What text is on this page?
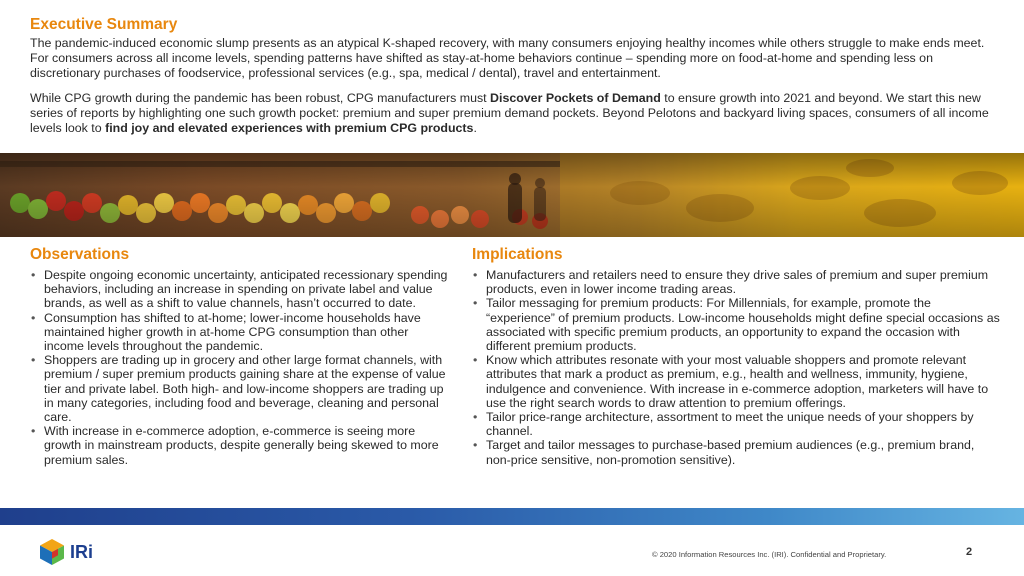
Executive Summary

The pandemic-induced economic slump presents as an atypical K-shaped recovery, with many consumers enjoying healthy incomes while others struggle to make ends meet. For consumers across all income levels, spending patterns have shifted as stay-at-home behaviors continue – spending more on food-at-home and spending less on discretionary purchases of foodservice, professional services (e.g., spa, medical / dental), travel and entertainment.

While CPG growth during the pandemic has been robust, CPG manufacturers must Discover Pockets of Demand to ensure growth into 2021 and beyond. We start this new series of reports by highlighting one such growth pocket: premium and super premium demand pockets. Beyond Pelotons and backyard living spaces, consumers of all income levels look to find joy and elevated experiences with premium CPG products.

Observations
• Despite ongoing economic uncertainty, anticipated recessionary spending behaviors, including an increase in spending on private label and value brands, as well as a shift to value channels, hasn’t occurred to date.
• Consumption has shifted to at-home; lower-income households have maintained higher growth in at-home CPG consumption than other income levels throughout the pandemic.
• Shoppers are trading up in grocery and other large format channels, with premium / super premium products gaining share at the expense of value tier and private label. Both high- and low-income shoppers are trading up in many categories, including food and beverage, cleaning and personal care.
• With increase in e-commerce adoption, e-commerce is seeing more growth in mainstream products, despite generally being skewed to more premium sales.
Implications
• Manufacturers and retailers need to ensure they drive sales of premium and super premium products, even in lower income trading areas.
• Tailor messaging for premium products: For Millennials, for example, promote the “experience” of premium products. Low-income households might define special occasions as associated with specific premium products, an opportunity to expand the occasion with different premium products.
• Know which attributes resonate with your most valuable shoppers and promote relevant attributes that mark a product as premium, e.g., health and wellness, immunity, hygiene, indulgence and convenience. With increase in e-commerce adoption, marketers will have to use the right search words to draw attention to premium offerings.
• Tailor price-range architecture, assortment to meet the unique needs of your shoppers by channel.
• Target and tailor messages to purchase-based premium audiences (e.g., premium brand, non-price sensitive, non-promotion sensitive).
IRi	© 2020 Information Resources Inc. (IRI). Confidential and Proprietary.	2
